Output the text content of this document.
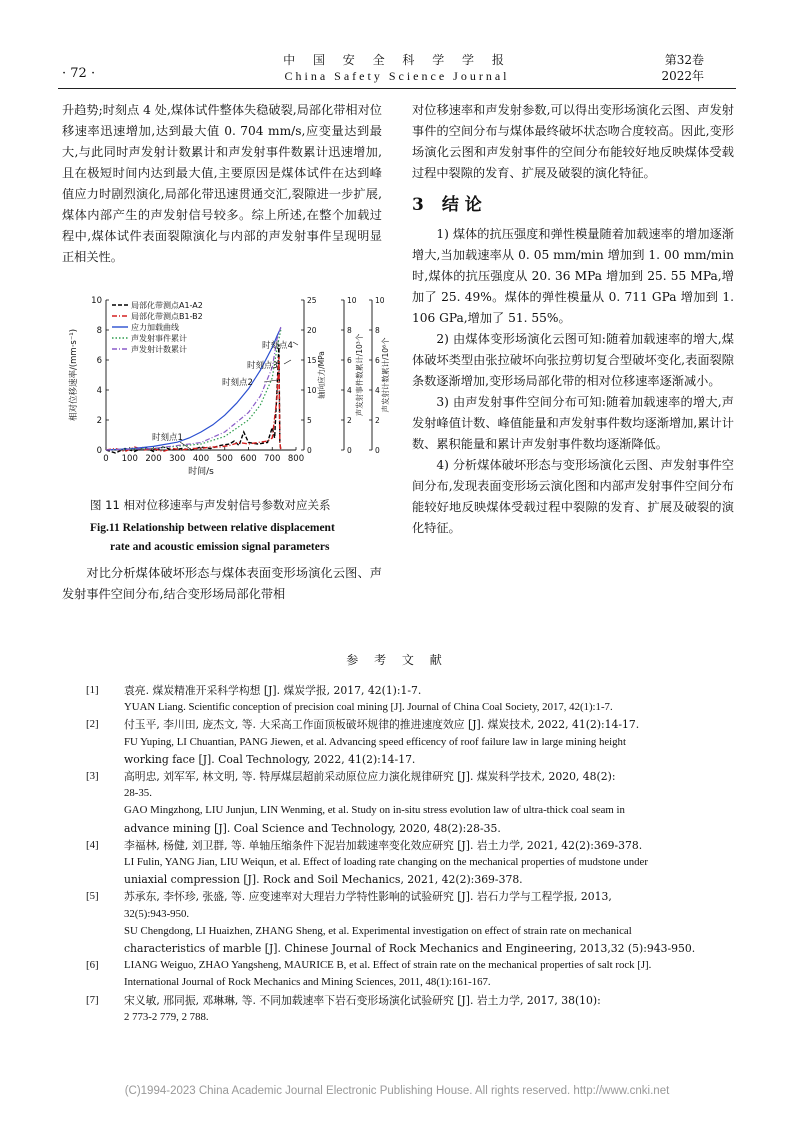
· 72 ·
中 国 安 全 科 学 学 报
China Safety Science Journal
第32卷
2022年

升趋势;时刻点 4 处,煤体试件整体失稳破裂,局部化带相对位移速率迅速增加,达到最大值 0. 704 mm/s,应变量达到最大,与此同时声发射计数累计和声发射事件数累计迅速增加,且在极短时间内达到最大值,主要原因是煤体试件在达到峰值应力时剧烈演化,局部化带迅速贯通交汇,裂隙进一步扩展,煤体内部产生的声发射信号较多。综上所述,在整个加载过程中,煤体试件表面裂隙演化与内部的声发射事件呈现明显正相关性。

0 100 200 300 400 500 600 700 800
时间/s
0
2
4
6
8
10
相对位移速率/(mm·s⁻¹)
0
5
10
15
20
25
轴向应力/MPa
0
2
4
6
8
10
声发射事件数累计/10³个
0
2
4
6
8
10
声发射计数累计/10⁶个
局部化带测点A1-A2
局部化带测点B1-B2
应力加载曲线
声发射事件累计
声发射计数累计
时刻点1
时刻点2
时刻点3
时刻点4
图 11 相对位移速率与声发射信号参数对应关系
Fig.11 Relationship between relative displacement
rate and acoustic emission signal parameters

对比分析煤体破坏形态与煤体表面变形场演化云图、声发射事件空间分布,结合变形场局部化带相

对位移速率和声发射参数,可以得出变形场演化云图、声发射事件的空间分布与煤体最终破坏状态吻合度较高。因此,变形场演化云图和声发射事件的空间分布能较好地反映煤体受载过程中裂隙的发育、扩展及破裂的演化特征。

3 结 论

1) 煤体的抗压强度和弹性模量随着加载速率的增加逐渐增大,当加载速率从 0. 05 mm/min 增加到 1. 00 mm/min 时,煤体的抗压强度从 20. 36 MPa 增加到 25. 55 MPa,增加了 25. 49%。煤体的弹性模量从 0. 711 GPa 增加到 1. 106 GPa,增加了 51. 55%。

2) 由煤体变形场演化云图可知:随着加载速率的增大,煤体破坏类型由张拉破坏向张拉剪切复合型破坏变化,表面裂隙条数逐渐增加,变形场局部化带的相对位移速率逐渐减小。

3) 由声发射事件空间分布可知:随着加载速率的增大,声发射峰值计数、峰值能量和声发射事件数均逐渐增加,累计计数、累积能量和累计声发射事件数均逐渐降低。

4) 分析煤体破坏形态与变形场演化云图、声发射事件空间分布,发现表面变形场云演化图和内部声发射事件空间分布能较好地反映煤体受载过程中裂隙的发育、扩展及破裂的演化特征。

参 考 文 献
[1]	袁亮. 煤炭精准开采科学构想 [J]. 煤炭学报, 2017, 42(1):1-7.
YUAN Liang. Scientific conception of precision coal mining [J]. Journal of China Coal Society, 2017, 42(1):1-7.
[2]	付玉平, 李川田, 庞杰文, 等. 大采高工作面顶板破坏规律的推进速度效应 [J]. 煤炭技术, 2022, 41(2):14-17.
FU Yuping, LI Chuantian, PANG Jiewen, et al. Advancing speed efficency of roof failure law in large mining height
working face [J]. Coal Technology, 2022, 41(2):14-17.
[3]	高明忠, 刘军军, 林文明, 等. 特厚煤层超前采动原位应力演化规律研究 [J]. 煤炭科学技术, 2020, 48(2):
28-35.
GAO Mingzhong, LIU Junjun, LIN Wenming, et al. Study on in-situ stress evolution law of ultra-thick coal seam in
advance mining [J]. Coal Science and Technology, 2020, 48(2):28-35.
[4]	李福林, 杨健, 刘卫群, 等. 单轴压缩条件下泥岩加载速率变化效应研究 [J]. 岩土力学, 2021, 42(2):369-378.
LI Fulin, YANG Jian, LIU Weiqun, et al. Effect of loading rate changing on the mechanical properties of mudstone under
uniaxial compression [J]. Rock and Soil Mechanics, 2021, 42(2):369-378.
[5]	苏承东, 李怀珍, 张盛, 等. 应变速率对大理岩力学特性影响的试验研究 [J]. 岩石力学与工程学报, 2013,
32(5):943-950.
SU Chengdong, LI Huaizhen, ZHANG Sheng, et al. Experimental investigation on effect of strain rate on mechanical
characteristics of marble [J]. Chinese Journal of Rock Mechanics and Engineering, 2013,32 (5):943-950.
[6]	LIANG Weiguo, ZHAO Yangsheng, MAURICE B, et al. Effect of strain rate on the mechanical properties of salt rock [J].
International Journal of Rock Mechanics and Mining Sciences, 2011, 48(1):161-167.
[7]	宋义敏, 邢同振, 邓琳琳, 等. 不同加载速率下岩石变形场演化试验研究 [J]. 岩土力学, 2017, 38(10):
2 773-2 779, 2 788.
(C)1994-2023 China Academic Journal Electronic Publishing House. All rights reserved. http://www.cnki.net
